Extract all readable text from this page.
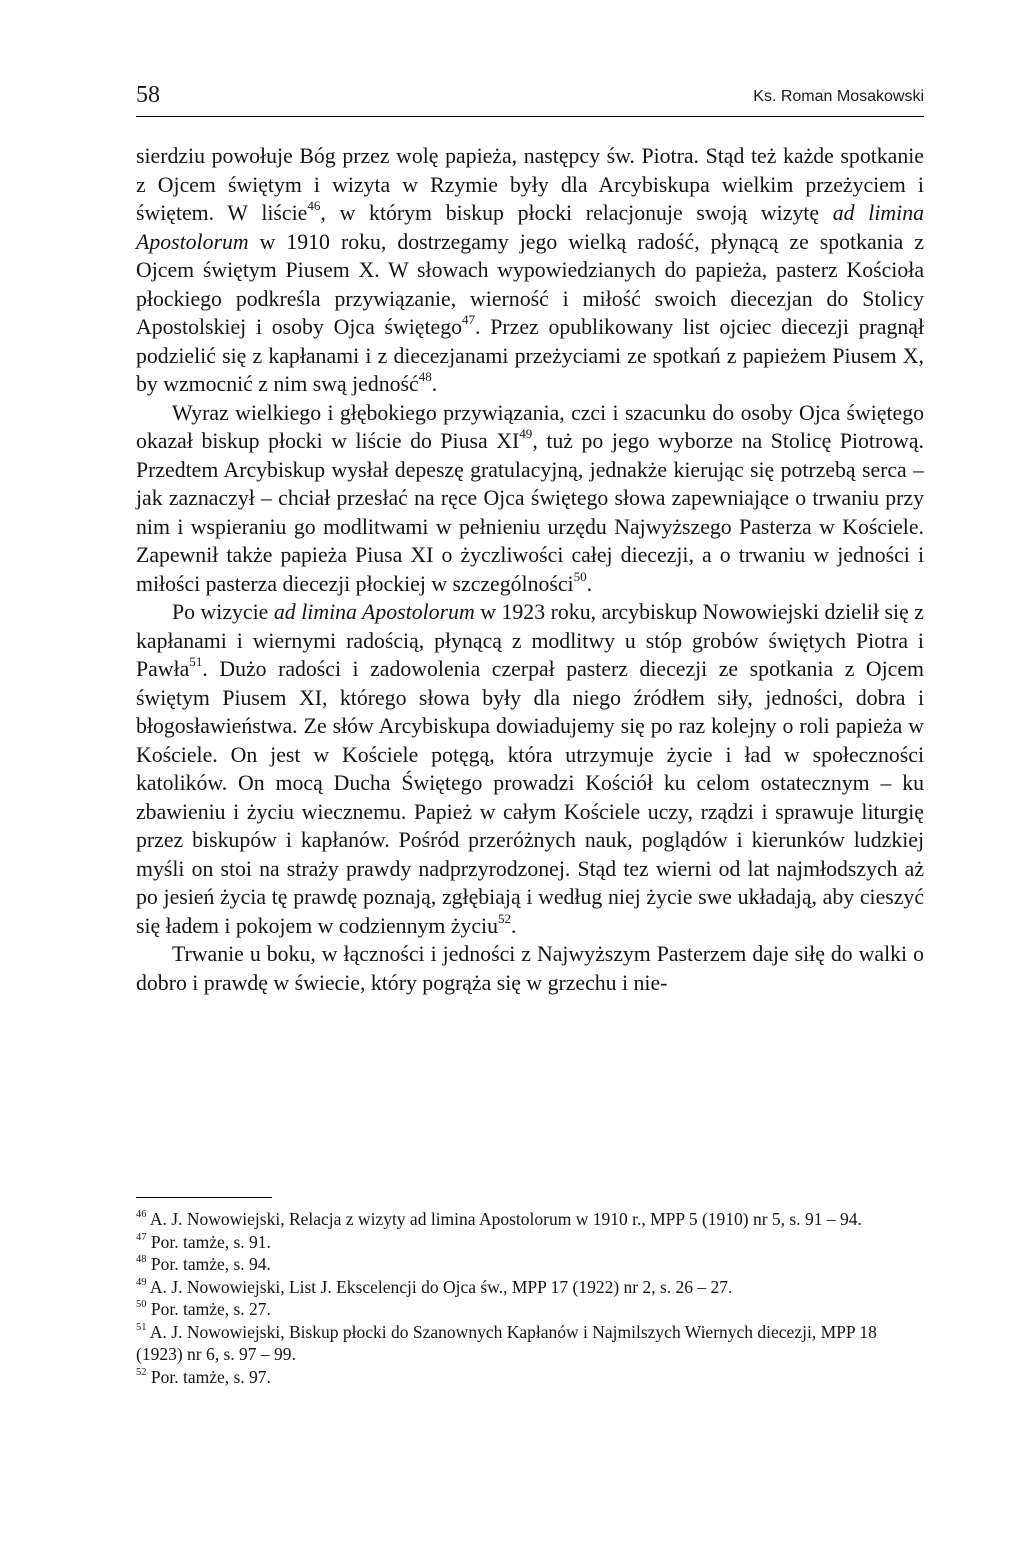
58	Ks. Roman Mosakowski

sierdziu powołuje Bóg przez wolę papieża, następcy św. Piotra. Stąd też każde spotkanie z Ojcem świętym i wizyta w Rzymie były dla Arcybiskupa wielkim przeżyciem i świętem. W liście$^{46}$, w którym biskup płocki relacjonuje swoją wizytę ad limina Apostolorum w 1910 roku, dostrzegamy jego wielką radość, płynącą ze spotkania z Ojcem świętym Piusem X. W słowach wypowiedzianych do papieża, pasterz Kościoła płockiego podkreśla przywiązanie, wierność i miłość swoich diecezjan do Stolicy Apostolskiej i osoby Ojca świętego$^{47}$. Przez opublikowany list ojciec diecezji pragnął podzielić się z kapłanami i z diecezjanami przeżyciami ze spotkań z papieżem Piusem X, by wzmocnić z nim swą jedność$^{48}$.

Wyraz wielkiego i głębokiego przywiązania, czci i szacunku do osoby Ojca świętego okazał biskup płocki w liście do Piusa XI$^{49}$, tuż po jego wyborze na Stolicę Piotrową. Przedtem Arcybiskup wysłał depeszę gratulacyjną, jednakże kierując się potrzebą serca – jak zaznaczył – chciał przesłać na ręce Ojca świętego słowa zapewniające o trwaniu przy nim i wspieraniu go modlitwami w pełnieniu urzędu Najwyższego Pasterza w Kościele. Zapewnił także papieża Piusa XI o życzliwości całej diecezji, a o trwaniu w jedności i miłości pasterza diecezji płockiej w szczególności$^{50}$.

Po wizycie ad limina Apostolorum w 1923 roku, arcybiskup Nowowiejski dzielił się z kapłanami i wiernymi radością, płynącą z modlitwy u stóp grobów świętych Piotra i Pawła$^{51}$. Dużo radości i zadowolenia czerpał pasterz diecezji ze spotkania z Ojcem świętym Piusem XI, którego słowa były dla niego źródłem siły, jedności, dobra i błogosławieństwa. Ze słów Arcybiskupa dowiadujemy się po raz kolejny o roli papieża w Kościele. On jest w Kościele potęgą, która utrzymuje życie i ład w społeczności katolików. On mocą Ducha Świętego prowadzi Kościół ku celom ostatecznym – ku zbawieniu i życiu wiecznemu. Papież w całym Kościele uczy, rządzi i sprawuje liturgię przez biskupów i kapłanów. Pośród przeróżnych nauk, poglądów i kierunków ludzkiej myśli on stoi na straży prawdy nadprzyrodzonej. Stąd tez wierni od lat najmłodszych aż po jesień życia tę prawdę poznają, zgłębiają i według niej życie swe układają, aby cieszyć się ładem i pokojem w codziennym życiu$^{52}$.

Trwanie u boku, w łączności i jedności z Najwyższym Pasterzem daje siłę do walki o dobro i prawdę w świecie, który pogrąża się w grzechu i nie-

$^{46}$ A. J. Nowowiejski, Relacja z wizyty ad limina Apostolorum w 1910 r., MPP 5 (1910) nr 5, s. 91 – 94.

$^{47}$ Por. tamże, s. 91.

$^{48}$ Por. tamże, s. 94.

$^{49}$ A. J. Nowowiejski, List J. Ekscelencji do Ojca św., MPP 17 (1922) nr 2, s. 26 – 27.

$^{50}$ Por. tamże, s. 27.

$^{51}$ A. J. Nowowiejski, Biskup płocki do Szanownych Kapłanów i Najmilszych Wiernych diecezji, MPP 18 (1923) nr 6, s. 97 – 99.

$^{52}$ Por. tamże, s. 97.
